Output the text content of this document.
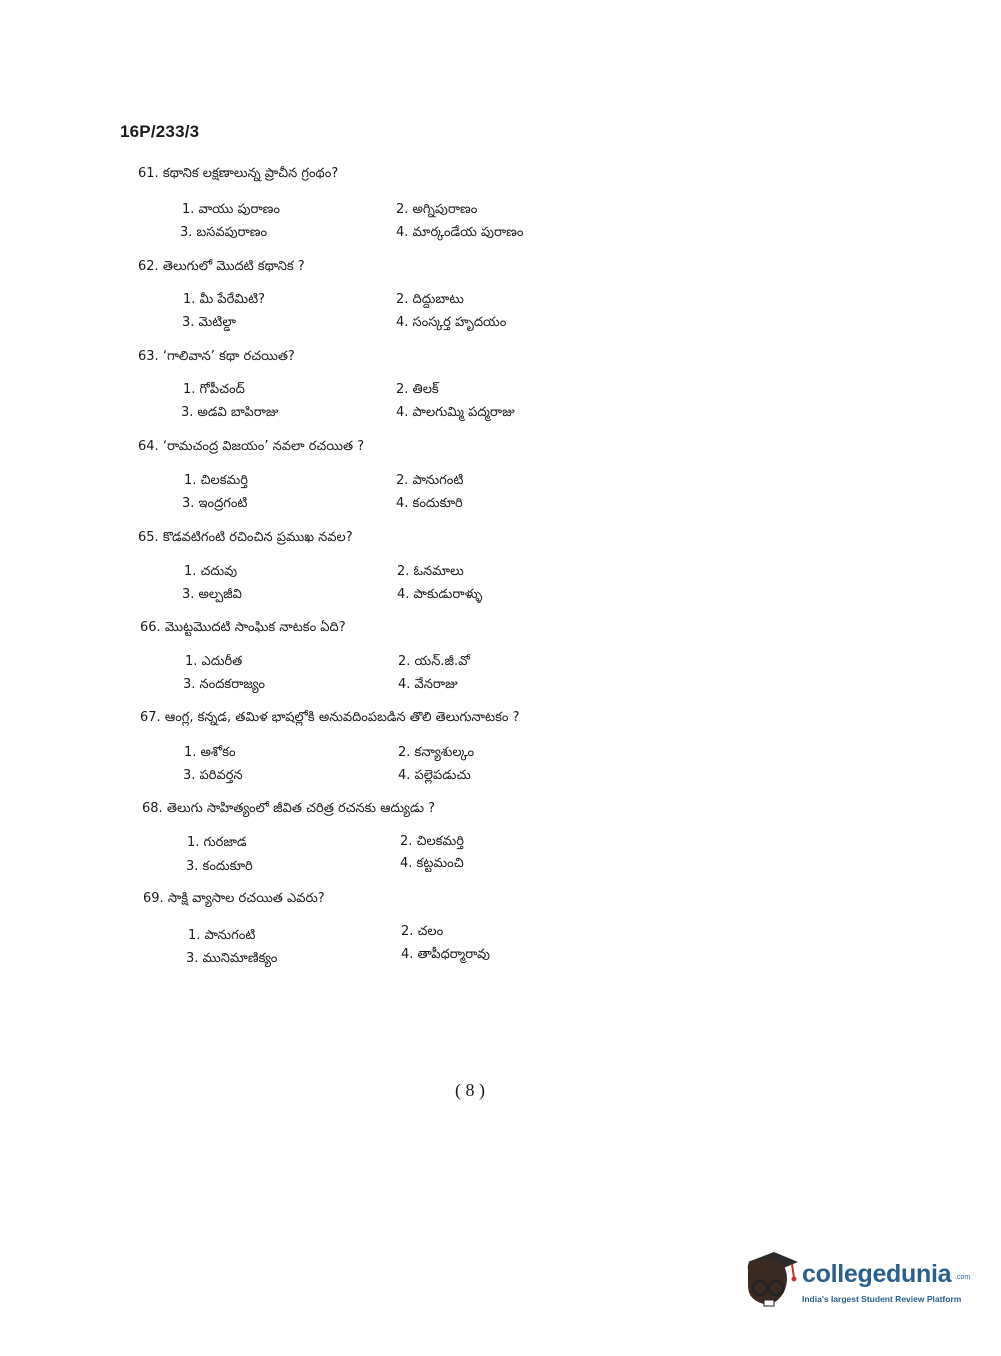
16P/233/3
61. కథానిక లక్షణాలున్న ప్రాచీన గ్రంథం?
1. వాయు పురాణం	2. అగ్నిపురాణం
3. బసవపురాణం	4. మార్కండేయ పురాణం
62. తెలుగులో మొదటి కథానిక ?
1. మీ పేరేమిటి?	2. దిద్దుబాటు
3. మెటిల్డా	4. సంస్కర్త హృదయం
63. ‘గాలివాన’ కథా రచయిత?
1. గోపీచంద్	2. తిలక్
3. అడవి బాపిరాజు	4. పాలగుమ్మి పద్మరాజు
64. ‘రామచంద్ర విజయం’ నవలా రచయిత ?
1. చిలకమర్తి	2. పానుగంటి
3. ఇంద్రగంటి	4. కందుకూరి
65. కొడవటిగంటి రచించిన ప్రముఖ నవల?
1. చదువు	2. ఓనమాలు
3. అల్పజీవి	4. పాకుడురాళ్ళు
66. మొట్టమొదటి సాంఘిక నాటకం ఏది?
1. ఎదురీత	2. యన్.జీ.వో
3. నందకరాజ్యం	4. వేనరాజు
67. ఆంగ్ల, కన్నడ, తమిళ భాషల్లోకి అనువదింపబడిన తొలి తెలుగునాటకం ?
1. అశోకం	2. కన్యాశుల్కం
3. పరివర్తన	4. పల్లెపడుచు
68. తెలుగు సాహిత్యంలో జీవిత చరిత్ర రచనకు ఆద్యుడు ?
1. గురజాడ	2. చిలకమర్తి
3. కందుకూరి	4. కట్టమంచి
69. సాక్షి వ్యాసాల రచయిత ఎవరు?
1. పానుగంటి	2. చలం
3. మునిమాణిక్యం	4. తాపీధర్మారావు
( 8 )
collegedunia .com
India's largest Student Review Platform
